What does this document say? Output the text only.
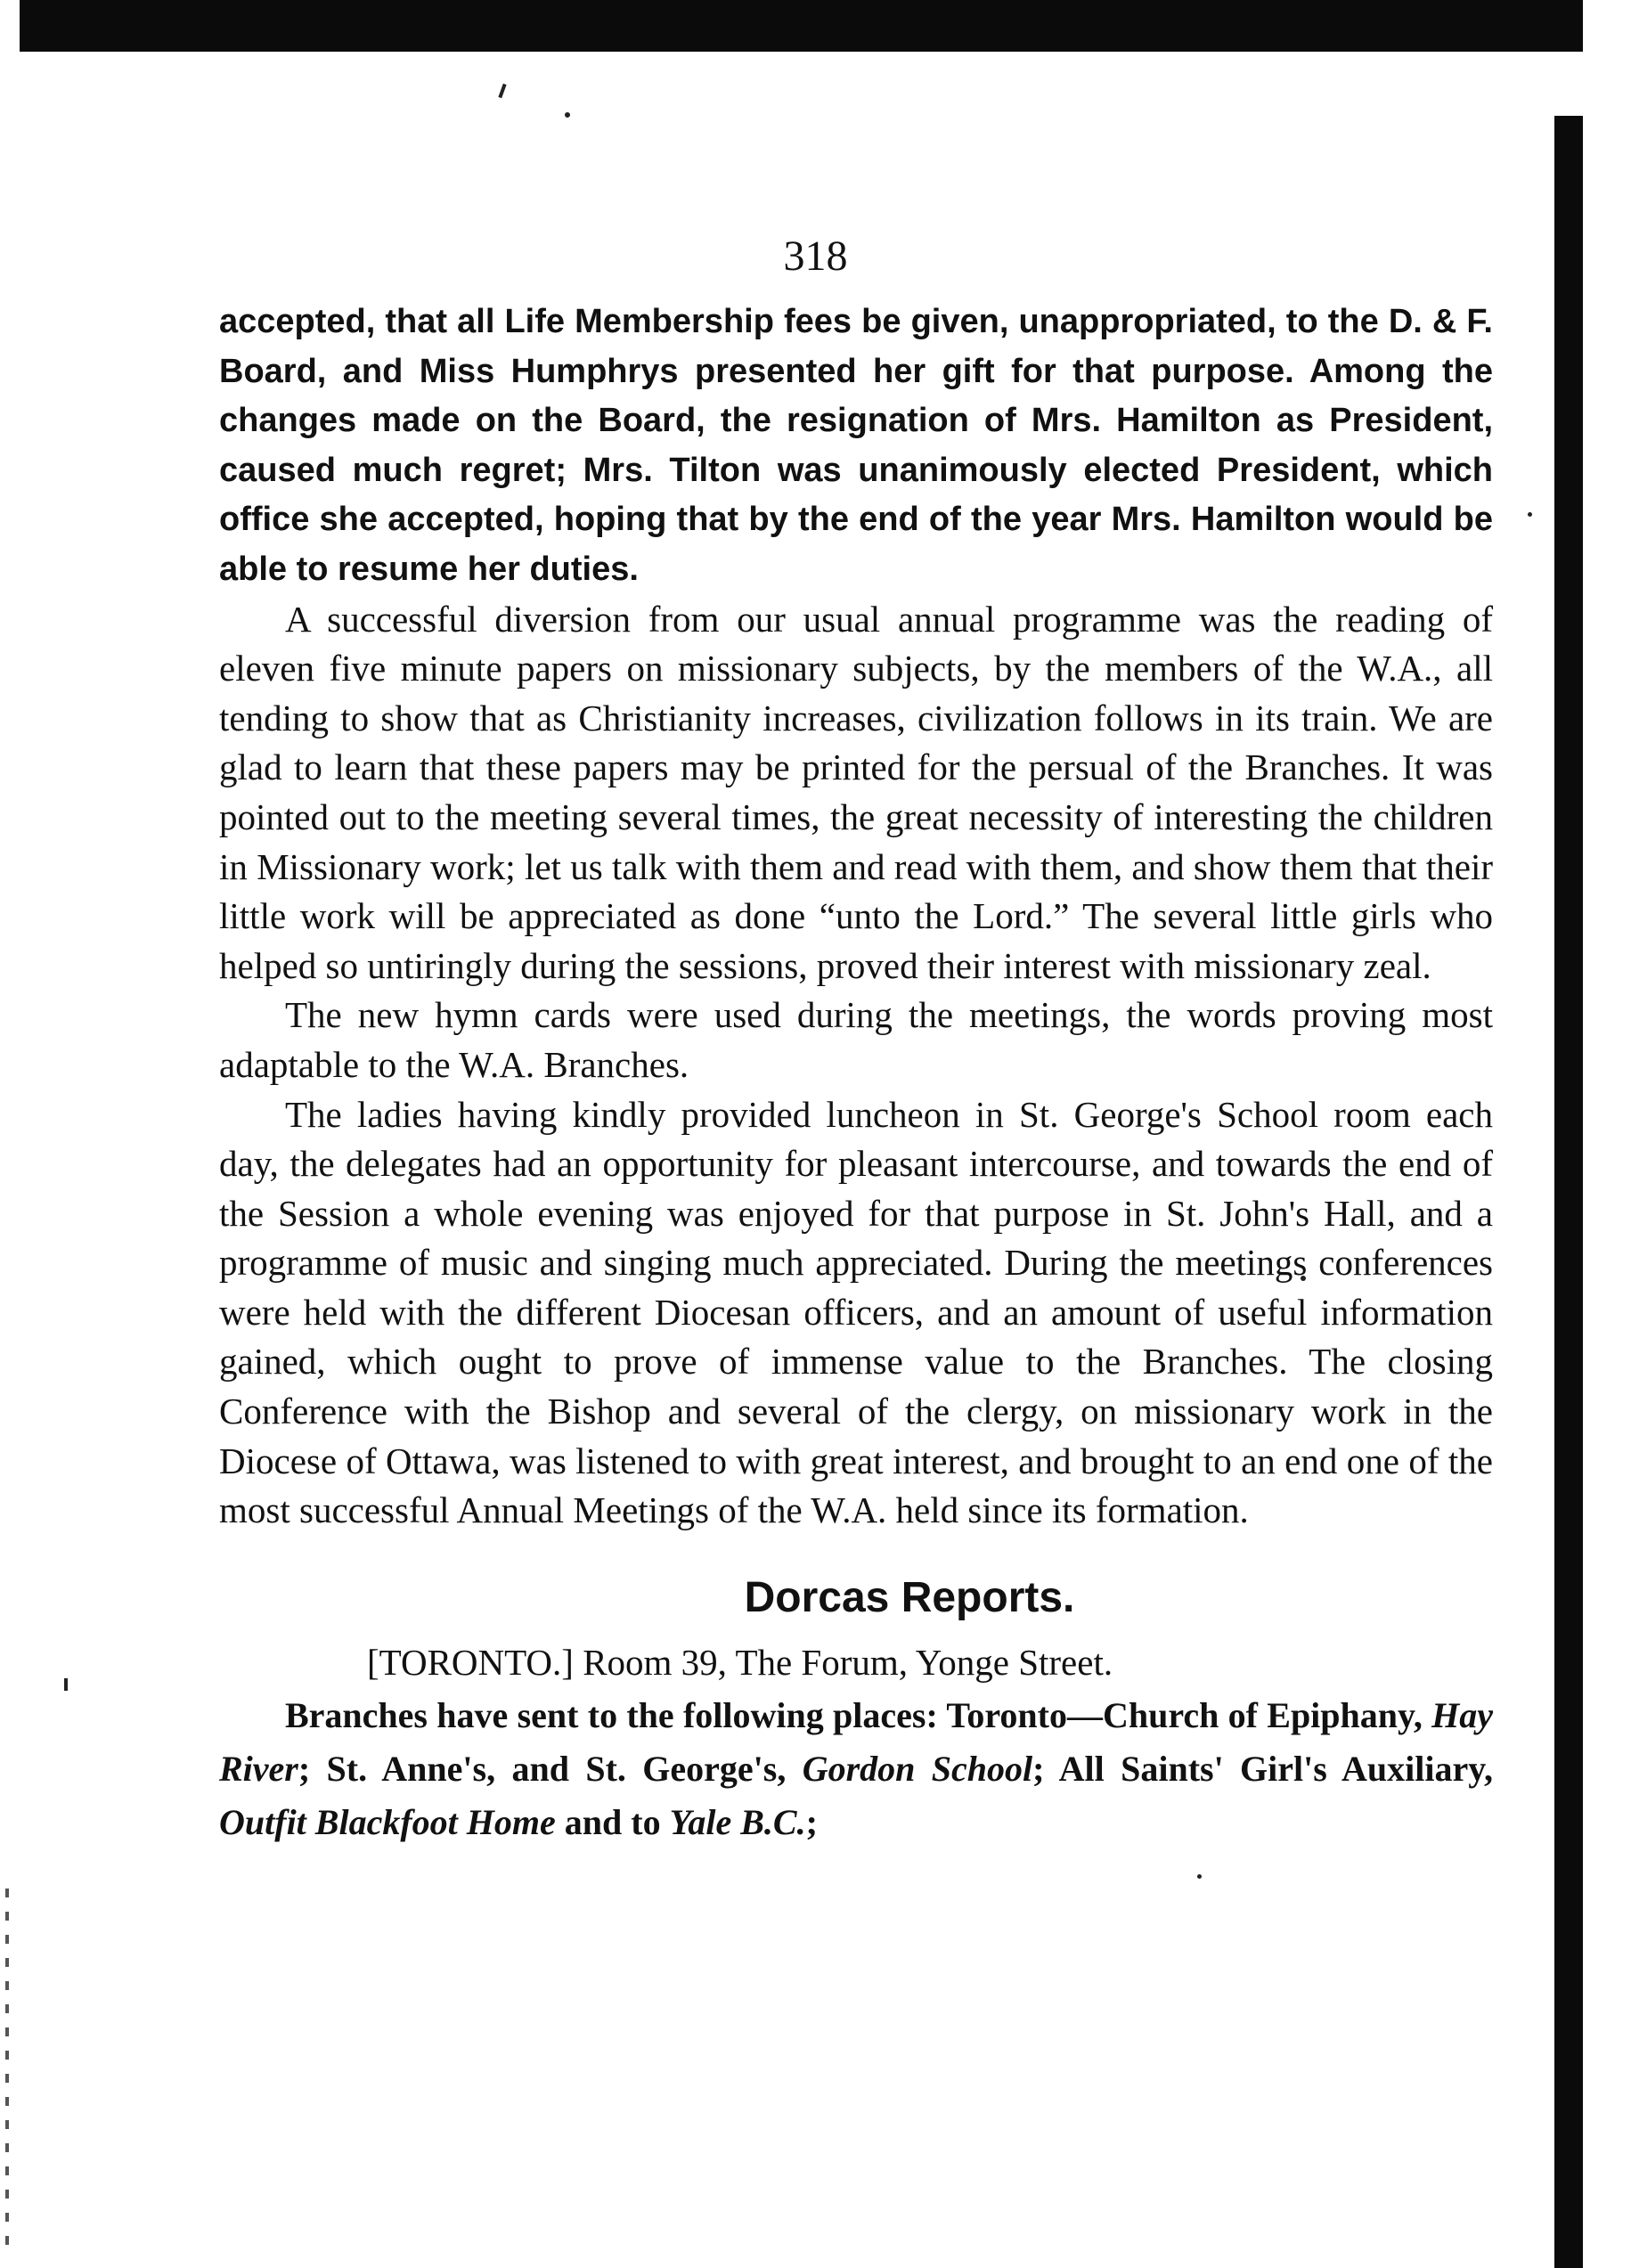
318

accepted, that all Life Membership fees be given, unappropriated, to the D. & F. Board, and Miss Humphrys presented her gift for that purpose. Among the changes made on the Board, the resignation of Mrs. Hamilton as President, caused much regret; Mrs. Tilton was unanimously elected President, which office she accepted, hoping that by the end of the year Mrs. Hamilton would be able to resume her duties.

A successful diversion from our usual annual programme was the reading of eleven five minute papers on missionary subjects, by the members of the W.A., all tending to show that as Christianity increases, civilization follows in its train. We are glad to learn that these papers may be printed for the persual of the Branches. It was pointed out to the meeting several times, the great necessity of interesting the children in Missionary work; let us talk with them and read with them, and show them that their little work will be appreciated as done “unto the Lord.” The several little girls who helped so untiringly during the sessions, proved their interest with missionary zeal.

The new hymn cards were used during the meetings, the words proving most adaptable to the W.A. Branches.

The ladies having kindly provided luncheon in St. George's School room each day, the delegates had an opportunity for pleasant intercourse, and towards the end of the Session a whole evening was enjoyed for that purpose in St. John's Hall, and a programme of music and singing much appreciated. During the meetings conferences were held with the different Diocesan officers, and an amount of useful information gained, which ought to prove of immense value to the Branches. The closing Conference with the Bishop and several of the clergy, on missionary work in the Diocese of Ottawa, was listened to with great interest, and brought to an end one of the most successful Annual Meetings of the W.A. held since its formation.

Dorcas Reports.

[TORONTO.] Room 39, The Forum, Yonge Street.

Branches have sent to the following places: Toronto—Church of Epiphany, Hay River; St. Anne's, and St. George's, Gordon School; All Saints' Girl's Auxiliary, Outfit Blackfoot Home and to Yale B.C.;
